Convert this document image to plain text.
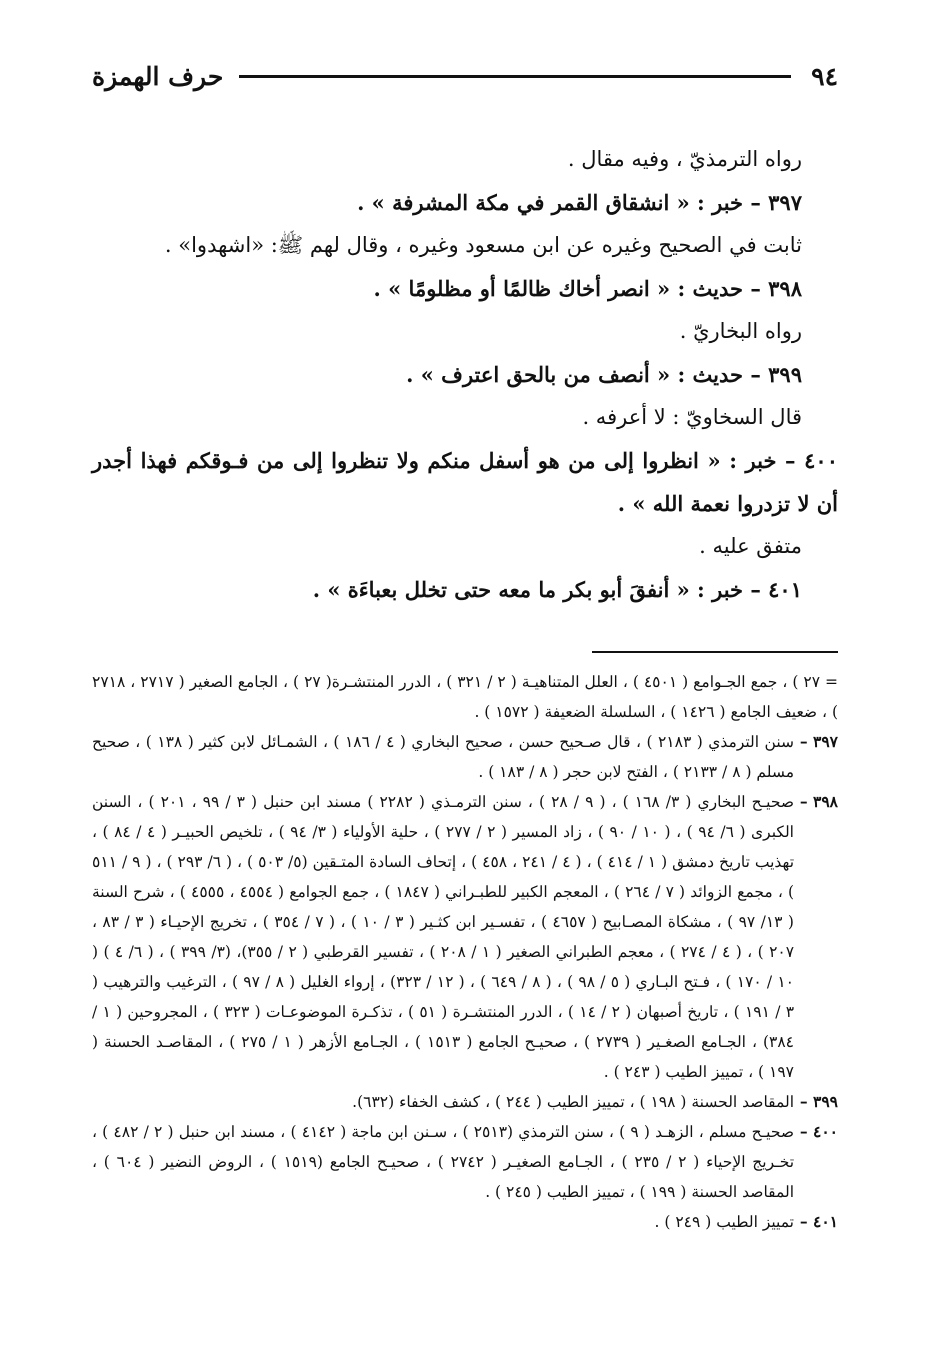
٩٤
حرف الهمزة
رواه الترمذيّ ، وفيه مقال .
٣٩٧ – خبر : « انشقاق القمر في مكة المشرفة » .
ثابت في الصحيح وغيره عن ابن مسعود وغيره ، وقال لهم ﷺ: «اشهدوا» .
٣٩٨ – حديث : « انصر أخاك ظالمًا أو مظلومًا » .
رواه البخاريّ .
٣٩٩ – حديث : « أنصف من بالحق اعترف » .
قال السخاويّ : لا أعرفه .
٤٠٠ – خبر : « انظروا إلى من هو أسفل منكم ولا تنظروا إلى من فـوقكم فهذا أجدر أن لا تزدروا نعمة الله » .
متفق عليه .
٤٠١ – خبر : « أنفقَ أبو بكر ما معه حتى تخلل بعباءَة » .
= ٢٧ ) ، جمع الجـوامع ( ٤٥٠١ ) ، العلل المتناهيـة ( ٢ / ٣٢١ ) ، الدرر المنتشـرة( ٢٧ ) ، الجامع الصغير ( ٢٧١٧ ، ٢٧١٨ ) ، ضعيف الجامع ( ١٤٢٦ ) ، السلسلة الضعيفة ( ١٥٧٢ ) .
٣٩٧ –
سنن الترمذي ( ٢١٨٣ ) ، قال صـحيح حسن ، صحيح البخاري ( ٤ / ١٨٦ ) ، الشمـائل لابن كثير ( ١٣٨ ) ، صحيح مسلم ( ٨ / ٢١٣٣ ) ، الفتح لابن حجر ( ٨ / ١٨٣ ) .
٣٩٨ –
صحيـح البخاري ( ٣/ ١٦٨ ) ، ( ٩ / ٢٨ ) ، سنن الترمـذي ( ٢٢٨٢ ) مسند ابن حنبل ( ٣ / ٩٩ ، ٢٠١ ) ، السنن الكبرى ( ٦/ ٩٤ ) ، ( ١٠ / ٩٠ ) ، زاد المسير ( ٢ / ٢٧٧ ) ، حلية الأولياء ( ٣/ ٩٤ ) ، تلخيص الحبيـر ( ٤ / ٨٤ ) ، تهذيب تاريخ دمشق ( ١ / ٤١٤ ) ، ( ٤ / ٢٤١ ، ٤٥٨ ) ، إتحاف السادة المتـقين (٥/ ٥٠٣ ) ، ( ٦/ ٢٩٣ ) ، ( ٩ / ٥١١ ) ، مجمع الزوائد ( ٧ / ٢٦٤ ) ، المعجم الكبير للطبـراني ( ١٨٤٧ ) ، جمع الجوامع ( ٤٥٥٤ ، ٤٥٥٥ ) ، شرح السنة ( ١٣/ ٩٧ ) ، مشكاة المصـابيح ( ٤٦٥٧ ) ، تفسـير ابن كثـير ( ٣ / ١٠ ) ، ( ٧ / ٣٥٤ ) ، تخريج الإحيـاء ( ٣ / ٨٣ ، ٢٠٧ ) ، ( ٤ / ٢٧٤ ) ، معجم الطبراني الصغير ( ١ / ٢٠٨ ) ، تفسير القرطبي ( ٢ / ٣٥٥)، (٣/ ٣٩٩ ) ، ( ٦/ ٤ ) ( ١٠ / ١٧٠ ) ، فـتح البـاري ( ٥ / ٩٨ ) ، ( ٨ / ٦٤٩ ) ، ( ١٢ / ٣٢٣) ، إرواء الغليل ( ٨ / ٩٧ ) ، الترغيب والترهيب ( ٣ / ١٩١ ) ، تاريخ أصبهان ( ٢ / ١٤ ) ، الدرر المنتشـرة ( ٥١ ) ، تذكـرة الموضوعـات ( ٣٢٣ ) ، المجروحين ( ١ / ٣٨٤) ، الجـامع الصغـير ( ٢٧٣٩ ) ، صحيـح الجامع ( ١٥١٣ ) ، الجـامع الأزهر ( ١ / ٢٧٥ ) ، المقاصـد الحسنة ( ١٩٧ ) ، تمييز الطيب ( ٢٤٣ ) .
٣٩٩ –
المقاصد الحسنة ( ١٩٨ ) ، تمييز الطيب ( ٢٤٤ ) ، كشف الخفاء (٦٣٢).
٤٠٠ –
صحيـح مسلم ، الزهـد ( ٩ ) ، سنن الترمذي (٢٥١٣ ) ، سـنن ابن ماجة ( ٤١٤٢ ) ، مسند ابن حنبل ( ٢ / ٤٨٢ ) ، تخـريج الإحياء ( ٢ / ٢٣٥ ) ، الجـامع الصغيـر ( ٢٧٤٢ ) ، صحيـح الجامع (١٥١٩ ) ، الروض النضير ( ٦٠٤ ) ، المقاصد الحسنة ( ١٩٩ ) ، تمييز الطيب ( ٢٤٥ ) .
٤٠١ –
تمييز الطيب ( ٢٤٩ ) .
